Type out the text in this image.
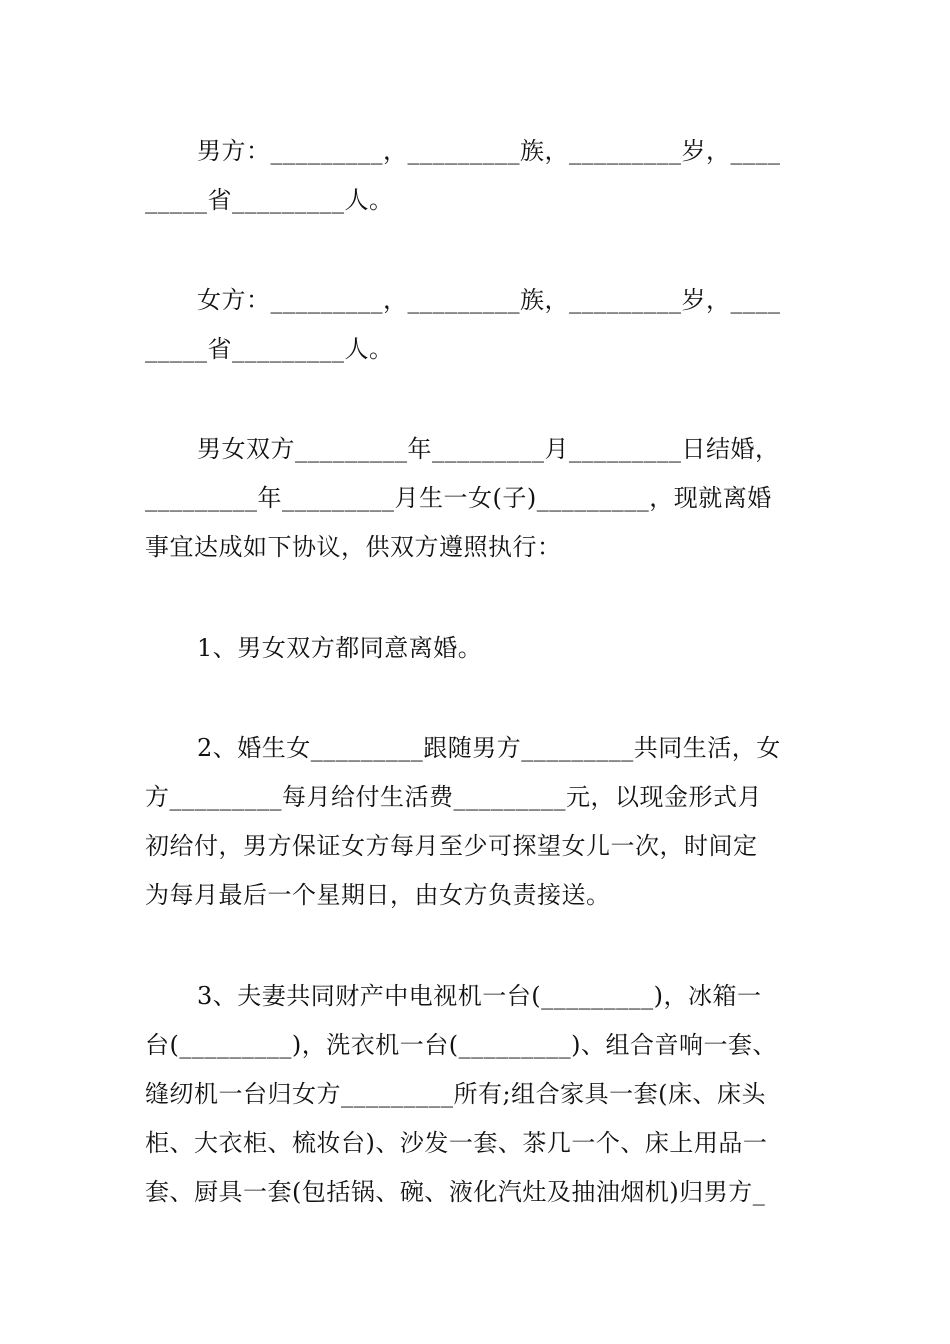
男方：_________，_________族，_________岁，____
_____省_________人。
女方：_________，_________族，_________岁，____
_____省_________人。
男女双方_________年_________月_________日结婚，
_________年_________月生一女(子)_________，现就离婚
事宜达成如下协议，供双方遵照执行：
1、男女双方都同意离婚。
2、婚生女_________跟随男方_________共同生活，女
方_________每月给付生活费_________元，以现金形式月
初给付，男方保证女方每月至少可探望女儿一次，时间定
为每月最后一个星期日，由女方负责接送。
3、夫妻共同财产中电视机一台(_________)，冰箱一
台(_________)，洗衣机一台(_________)、组合音响一套、
缝纫机一台归女方_________所有;组合家具一套(床、床头
柜、大衣柜、梳妆台)、沙发一套、茶几一个、床上用品一
套、厨具一套(包括锅、碗、液化汽灶及抽油烟机)归男方_
